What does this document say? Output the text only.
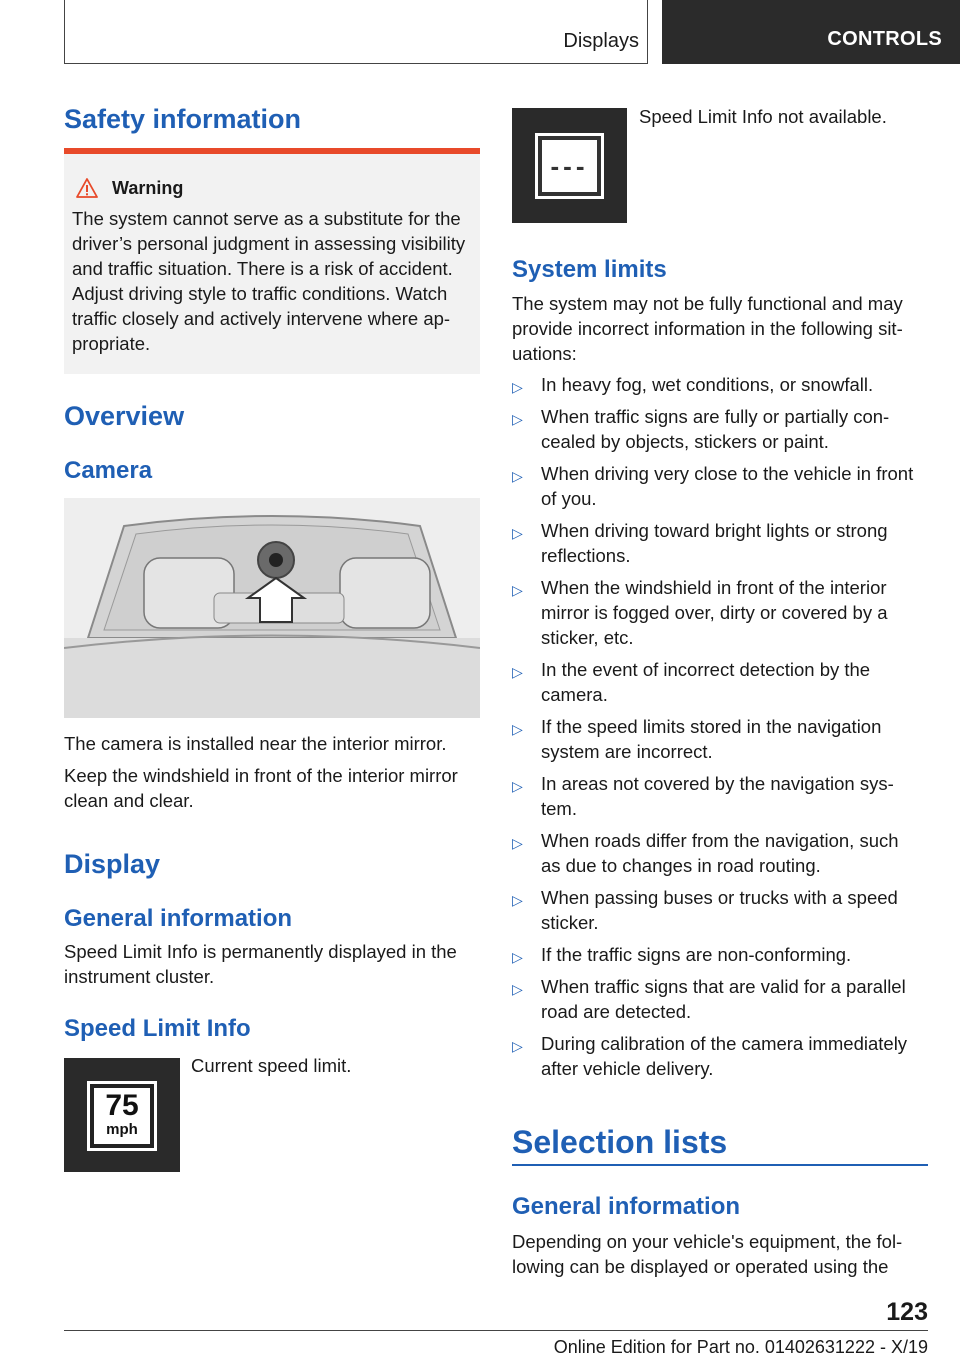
Displays	CONTROLS
Safety information
Warning
The system cannot serve as a substitute for the
driver’s personal judgment in assessing visibility
and traffic situation. There is a risk of accident.
Adjust driving style to traffic conditions. Watch
traffic closely and actively intervene where ap‐
propriate.
Overview
Camera
The camera is installed near the interior mirror.
Keep the windshield in front of the interior mirror
clean and clear.
Display
General information
Speed Limit Info is permanently displayed in the
instrument cluster.
Speed Limit Info
75
mph
Current speed limit.
---
Speed Limit Info not available.
System limits
The system may not be fully functional and may
provide incorrect information in the following sit‐
uations:
▷ In heavy fog, wet conditions, or snowfall.
▷ When traffic signs are fully or partially con‐
cealed by objects, stickers or paint.
▷ When driving very close to the vehicle in front
of you.
▷ When driving toward bright lights or strong
reflections.
▷ When the windshield in front of the interior
mirror is fogged over, dirty or covered by a
sticker, etc.
▷ In the event of incorrect detection by the
camera.
▷ If the speed limits stored in the navigation
system are incorrect.
▷ In areas not covered by the navigation sys‐
tem.
▷ When roads differ from the navigation, such
as due to changes in road routing.
▷ When passing buses or trucks with a speed
sticker.
▷ If the traffic signs are non-conforming.
▷ When traffic signs that are valid for a parallel
road are detected.
▷ During calibration of the camera immediately
after vehicle delivery.
Selection lists
General information
Depending on your vehicle's equipment, the fol‐
lowing can be displayed or operated using the
123
Online Edition for Part no. 01402631222 - X/19
